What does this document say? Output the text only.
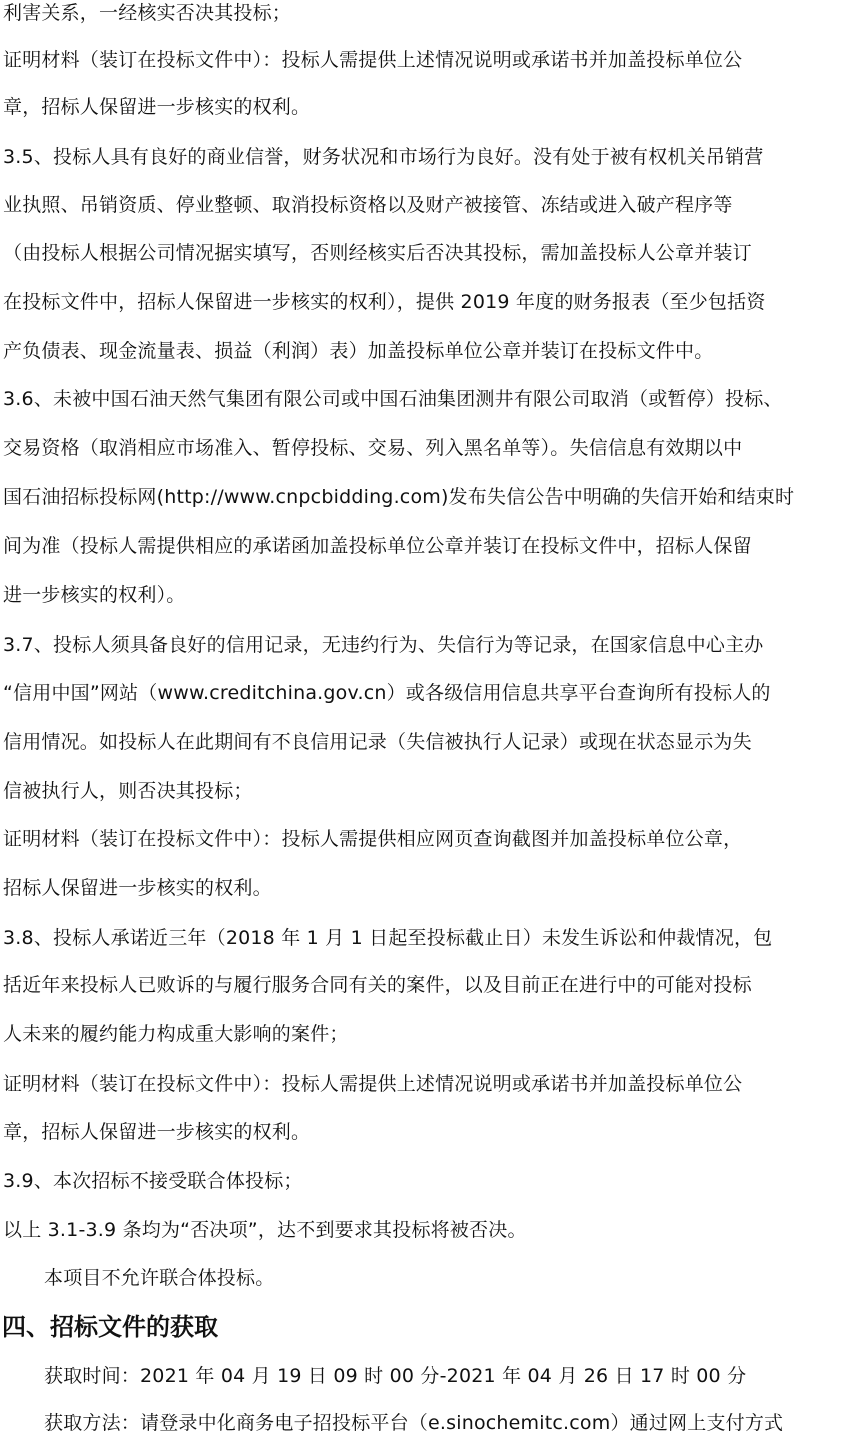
利害关系，一经核实否决其投标；
证明材料（装订在投标文件中）：投标人需提供上述情况说明或承诺书并加盖投标单位公
章，招标人保留进一步核实的权利。
3.5、投标人具有良好的商业信誉，财务状况和市场行为良好。没有处于被有权机关吊销营
业执照、吊销资质、停业整顿、取消投标资格以及财产被接管、冻结或进入破产程序等
（由投标人根据公司情况据实填写，否则经核实后否决其投标，需加盖投标人公章并装订
在投标文件中，招标人保留进一步核实的权利），提供 2019 年度的财务报表（至少包括资
产负债表、现金流量表、损益（利润）表）加盖投标单位公章并装订在投标文件中。
3.6、未被中国石油天然气集团有限公司或中国石油集团测井有限公司取消（或暂停）投标、
交易资格（取消相应市场准入、暂停投标、交易、列入黑名单等）。失信信息有效期以中
国石油招标投标网(http://www.cnpcbidding.com)发布失信公告中明确的失信开始和结束时
间为准（投标人需提供相应的承诺函加盖投标单位公章并装订在投标文件中，招标人保留
进一步核实的权利）。
3.7、投标人须具备良好的信用记录，无违约行为、失信行为等记录，在国家信息中心主办
“信用中国”网站（www.creditchina.gov.cn）或各级信用信息共享平台查询所有投标人的
信用情况。如投标人在此期间有不良信用记录（失信被执行人记录）或现在状态显示为失
信被执行人，则否决其投标；
证明材料（装订在投标文件中）：投标人需提供相应网页查询截图并加盖投标单位公章，
招标人保留进一步核实的权利。
3.8、投标人承诺近三年（2018 年 1 月 1 日起至投标截止日）未发生诉讼和仲裁情况，包
括近年来投标人已败诉的与履行服务合同有关的案件，以及目前正在进行中的可能对投标
人未来的履约能力构成重大影响的案件；
证明材料（装订在投标文件中）：投标人需提供上述情况说明或承诺书并加盖投标单位公
章，招标人保留进一步核实的权利。
3.9、本次招标不接受联合体投标；
以上 3.1-3.9 条均为“否决项”，达不到要求其投标将被否决。
本项目不允许联合体投标。
四、招标文件的获取
获取时间：2021 年 04 月 19 日 09 时 00 分-2021 年 04 月 26 日 17 时 00 分
获取方法：请登录中化商务电子招投标平台（e.sinochemitc.com）通过网上支付方式
